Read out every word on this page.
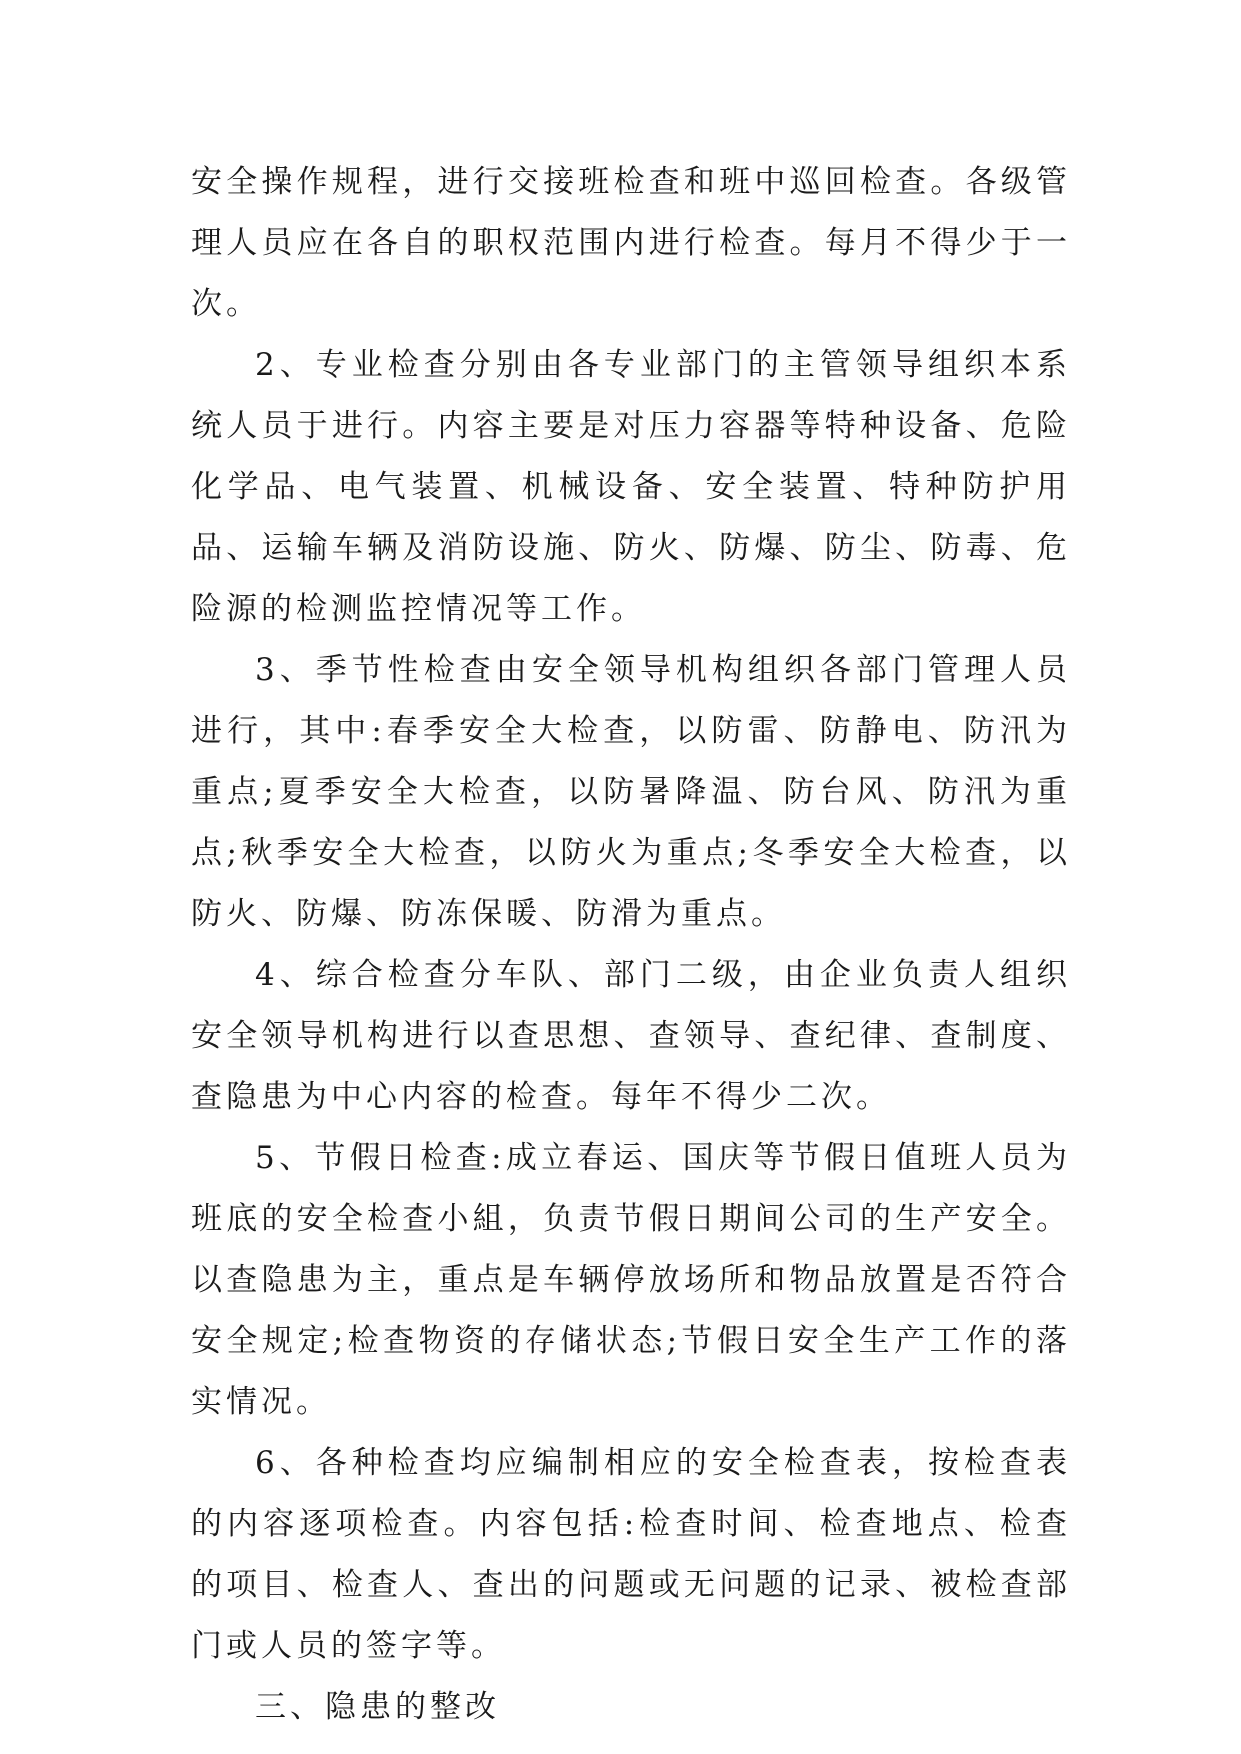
安全操作规程，进行交接班检查和班中巡回检查。各级管理人员应在各自的职权范围内进行检查。每月不得少于一次。

2、专业检查分别由各专业部门的主管领导组织本系统人员于进行。内容主要是对压力容器等特种设备、危险化学品、电气装置、机械设备、安全装置、特种防护用品、运输车辆及消防设施、防火、防爆、防尘、防毒、危险源的检测监控情况等工作。

3、季节性检查由安全领导机构组织各部门管理人员进行，其中:春季安全大检查，以防雷、防静电、防汛为重点;夏季安全大检查，以防暑降温、防台风、防汛为重点;秋季安全大检查，以防火为重点;冬季安全大检查，以防火、防爆、防冻保暖、防滑为重点。

4、综合检查分车队、部门二级，由企业负责人组织安全领导机构进行以查思想、查领导、查纪律、查制度、查隐患为中心内容的检查。每年不得少二次。

5、节假日检查:成立春运、国庆等节假日值班人员为班底的安全检查小組，负责节假日期间公司的生产安全。以查隐患为主，重点是车辆停放场所和物品放置是否符合安全规定;检查物资的存储状态;节假日安全生产工作的落实情况。

6、各种检查均应编制相应的安全检查表，按检查表的内容逐项检查。内容包括:检查时间、检查地点、检查的项目、检查人、查出的问题或无问题的记录、被检查部门或人员的签字等。

三、隐患的整改
